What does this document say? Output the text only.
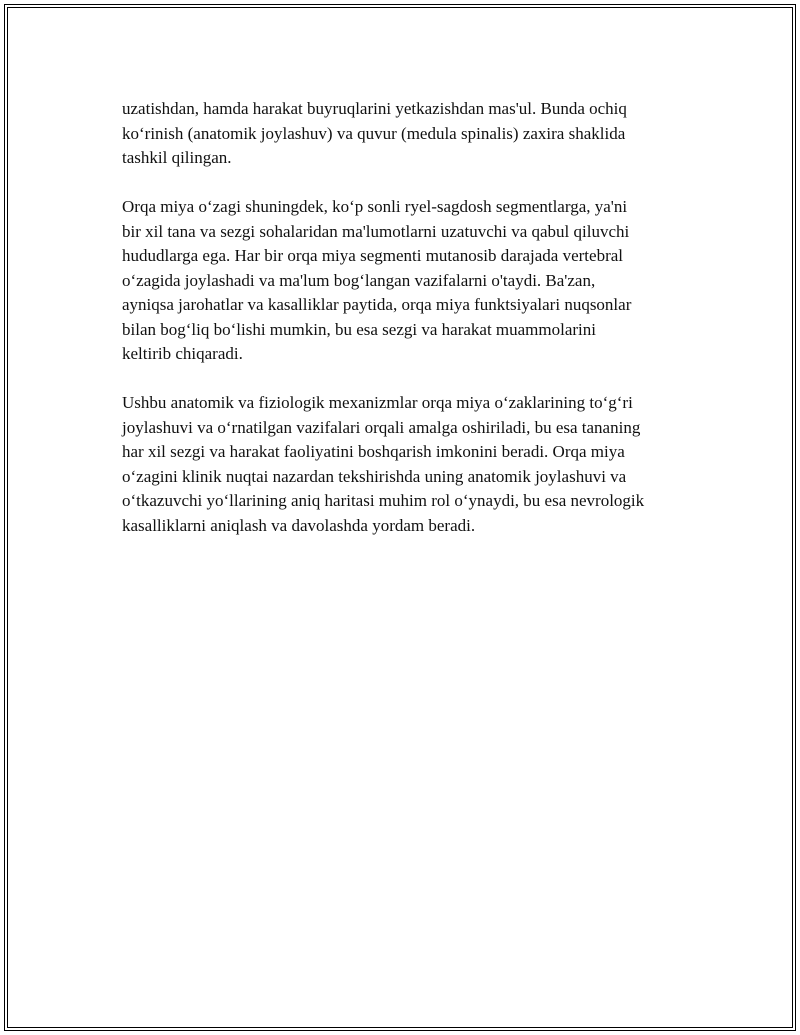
uzatishdan, hamda harakat buyruqlarini yetkazishdan mas'ul. Bunda ochiq
ko‘rinish (anatomik joylashuv) va quvur (medula spinalis) zaxira shaklida
tashkil qilingan.

Orqa miya o‘zagi shuningdek, ko‘p sonli ryel-sagdosh segmentlarga, ya'ni
bir xil tana va sezgi sohalaridan ma'lumotlarni uzatuvchi va qabul qiluvchi
hududlarga ega. Har bir orqa miya segmenti mutanosib darajada vertebral
o‘zagida joylashadi va ma'lum bog‘langan vazifalarni o'taydi. Ba'zan,
ayniqsa jarohatlar va kasalliklar paytida, orqa miya funktsiyalari nuqsonlar
bilan bog‘liq bo‘lishi mumkin, bu esa sezgi va harakat muammolarini
keltirib chiqaradi.

Ushbu anatomik va fiziologik mexanizmlar orqa miya o‘zaklarining to‘g‘ri
joylashuvi va o‘rnatilgan vazifalari orqali amalga oshiriladi, bu esa tananing
har xil sezgi va harakat faoliyatini boshqarish imkonini beradi. Orqa miya
o‘zagini klinik nuqtai nazardan tekshirishda uning anatomik joylashuvi va
o‘tkazuvchi yo‘llarining aniq haritasi muhim rol o‘ynaydi, bu esa nevrologik
kasalliklarni aniqlash va davolashda yordam beradi.
